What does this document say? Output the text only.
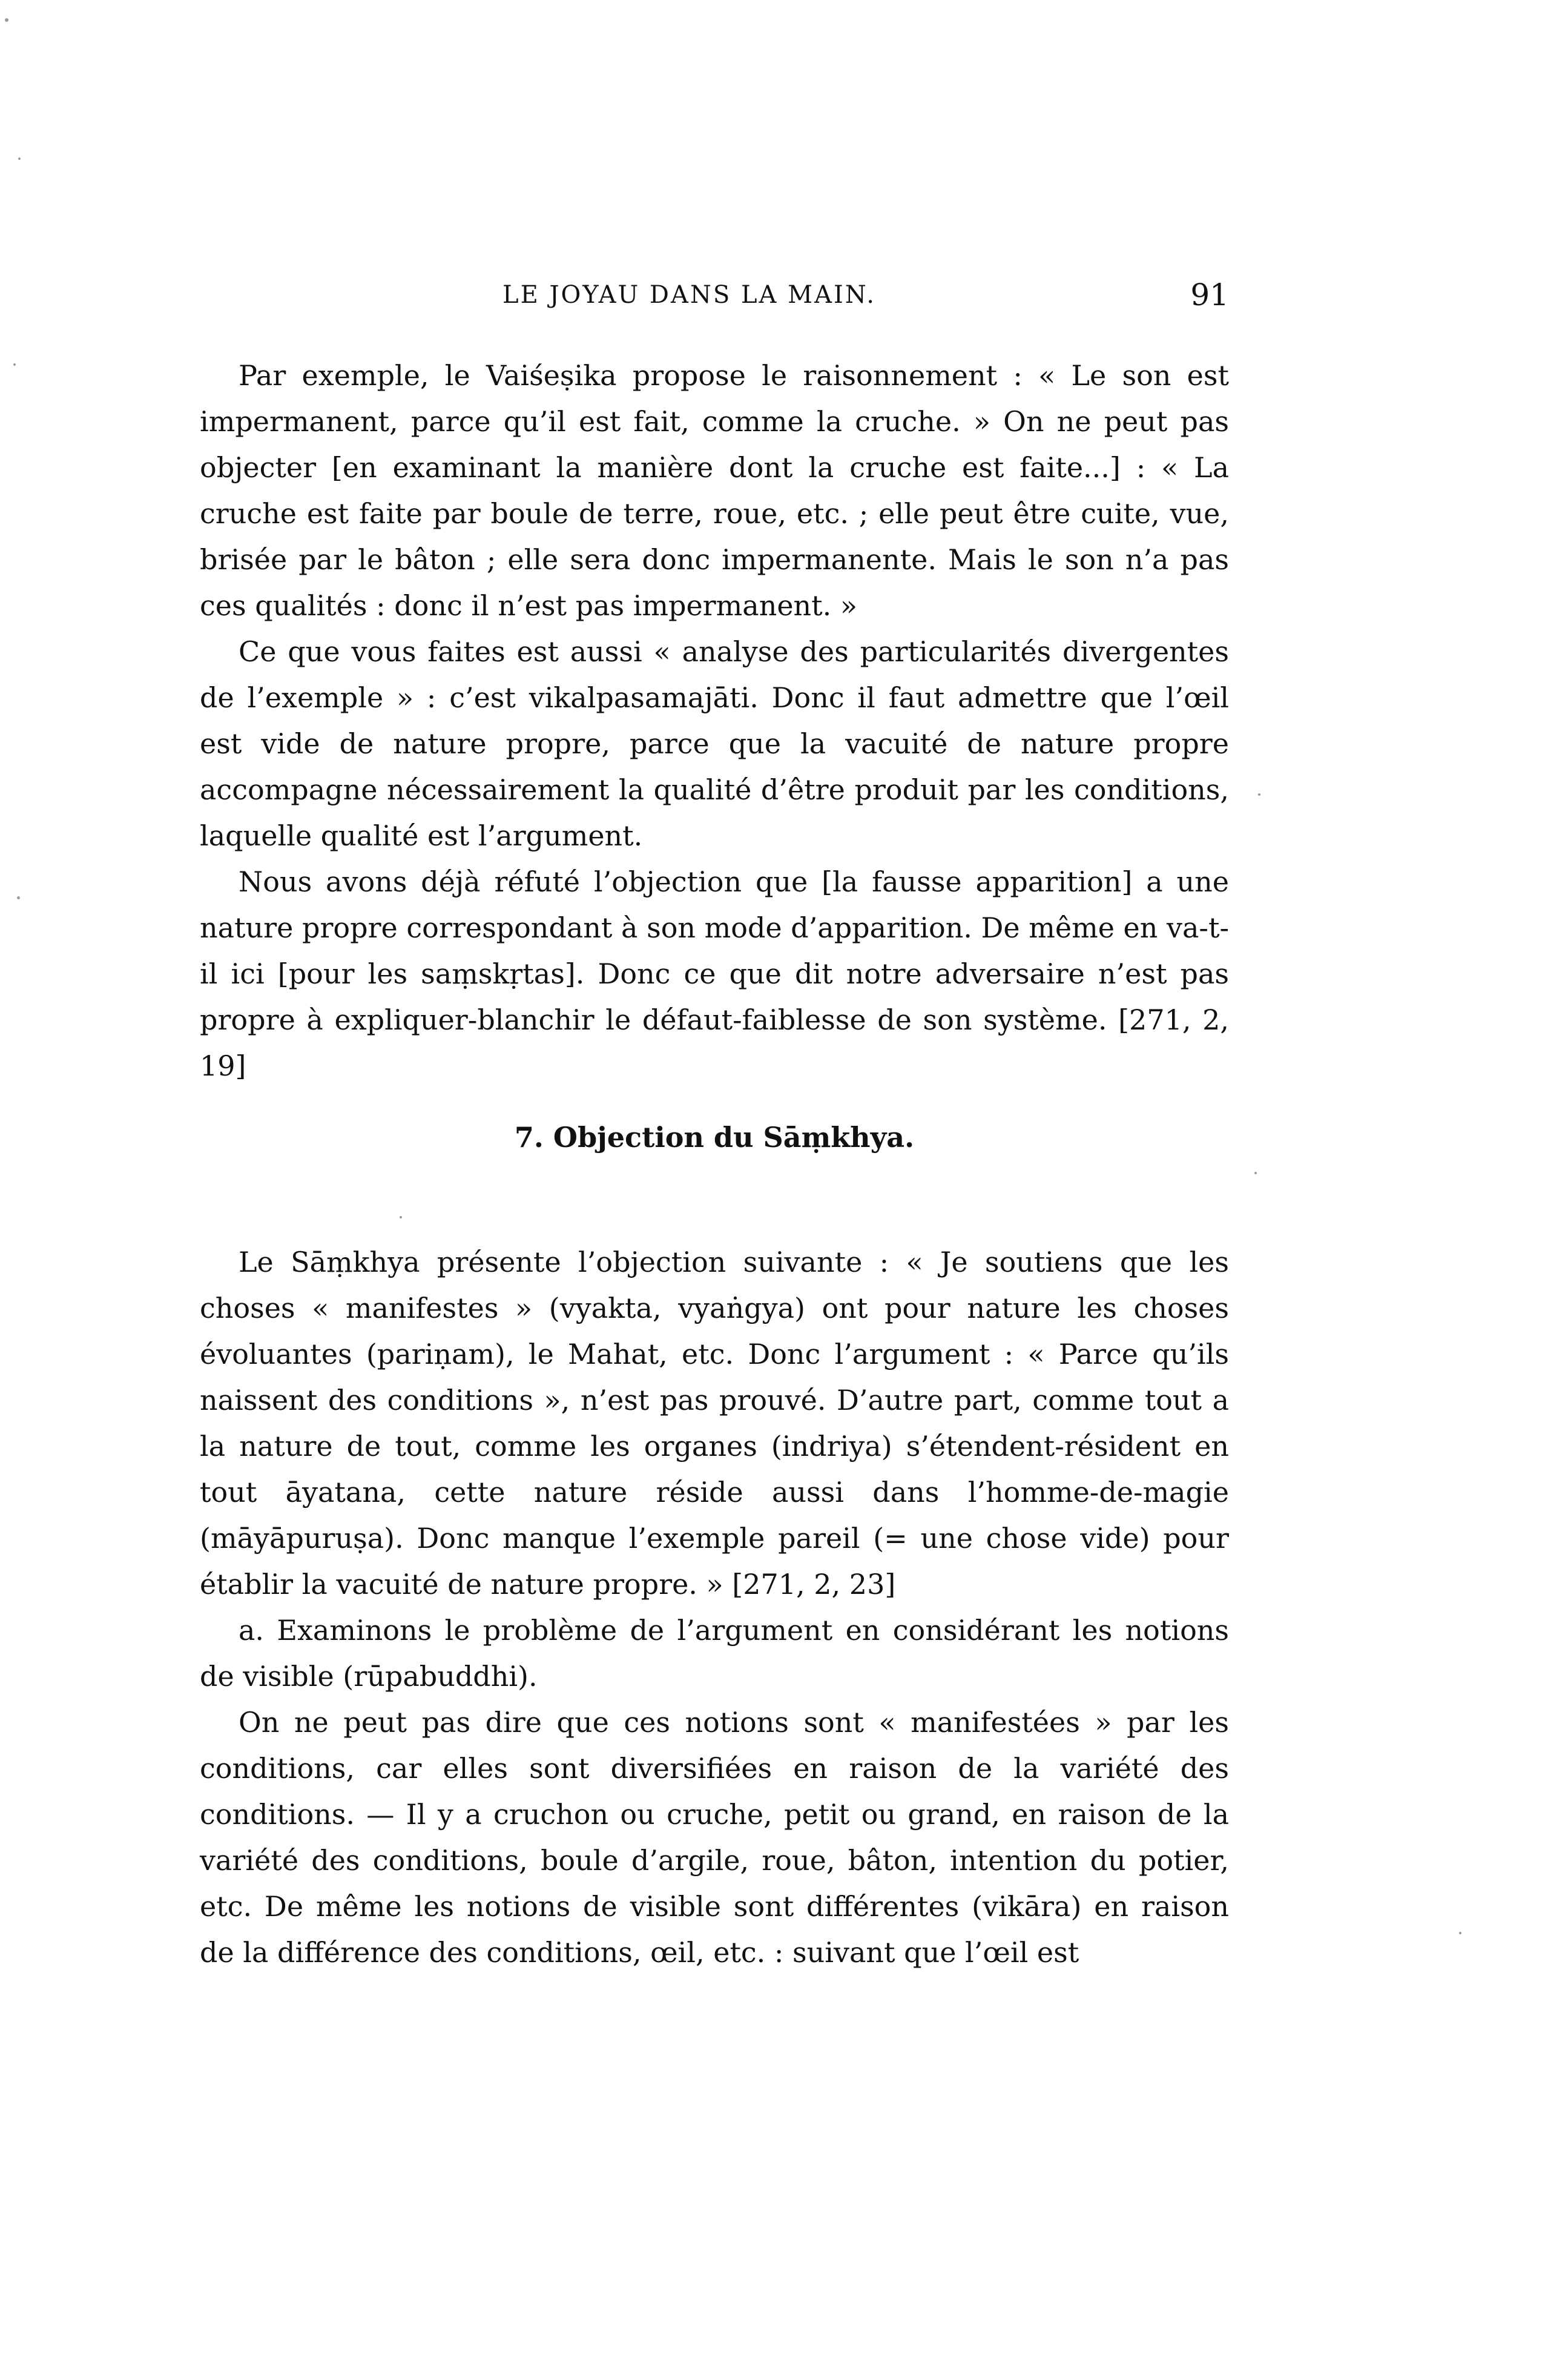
LE JOYAU DANS LA MAIN.	91

Par exemple, le Vaiśeṣika propose le raisonnement : « Le son est impermanent, parce qu’il est fait, comme la cruche. » On ne peut pas objecter [en examinant la manière dont la cruche est faite...] : « La cruche est faite par boule de terre, roue, etc. ; elle peut être cuite, vue, brisée par le bâton ; elle sera donc impermanente. Mais le son n’a pas ces qualités : donc il n’est pas impermanent. »

Ce que vous faites est aussi « analyse des particularités divergentes de l’exemple » : c’est vikalpasamajāti. Donc il faut admettre que l’œil est vide de nature propre, parce que la vacuité de nature propre accompagne nécessairement la qualité d’être produit par les conditions, laquelle qualité est l’argument.

Nous avons déjà réfuté l’objection que [la fausse apparition] a une nature propre correspondant à son mode d’apparition. De même en va-t-il ici [pour les saṃskṛtas]. Donc ce que dit notre adversaire n’est pas propre à expliquer-blanchir le défaut-faiblesse de son système. [271, 2, 19]

7. Objection du Sāṃkhya.

Le Sāṃkhya présente l’objection suivante : « Je soutiens que les choses « manifestes » (vyakta, vyaṅgya) ont pour nature les choses évoluantes (pariṇam), le Mahat, etc. Donc l’argument : « Parce qu’ils naissent des conditions », n’est pas prouvé. D’autre part, comme tout a la nature de tout, comme les organes (indriya) s’étendent-résident en tout āyatana, cette nature réside aussi dans l’homme-de-magie (māyāpuruṣa). Donc manque l’exemple pareil (= une chose vide) pour établir la vacuité de nature propre. » [271, 2, 23]

a. Examinons le problème de l’argument en considérant les notions de visible (rūpabuddhi).

On ne peut pas dire que ces notions sont « manifestées » par les conditions, car elles sont diversifiées en raison de la variété des conditions. — Il y a cruchon ou cruche, petit ou grand, en raison de la variété des conditions, boule d’argile, roue, bâton, intention du potier, etc. De même les notions de visible sont différentes (vikāra) en raison de la différence des conditions, œil, etc. : suivant que l’œil est
